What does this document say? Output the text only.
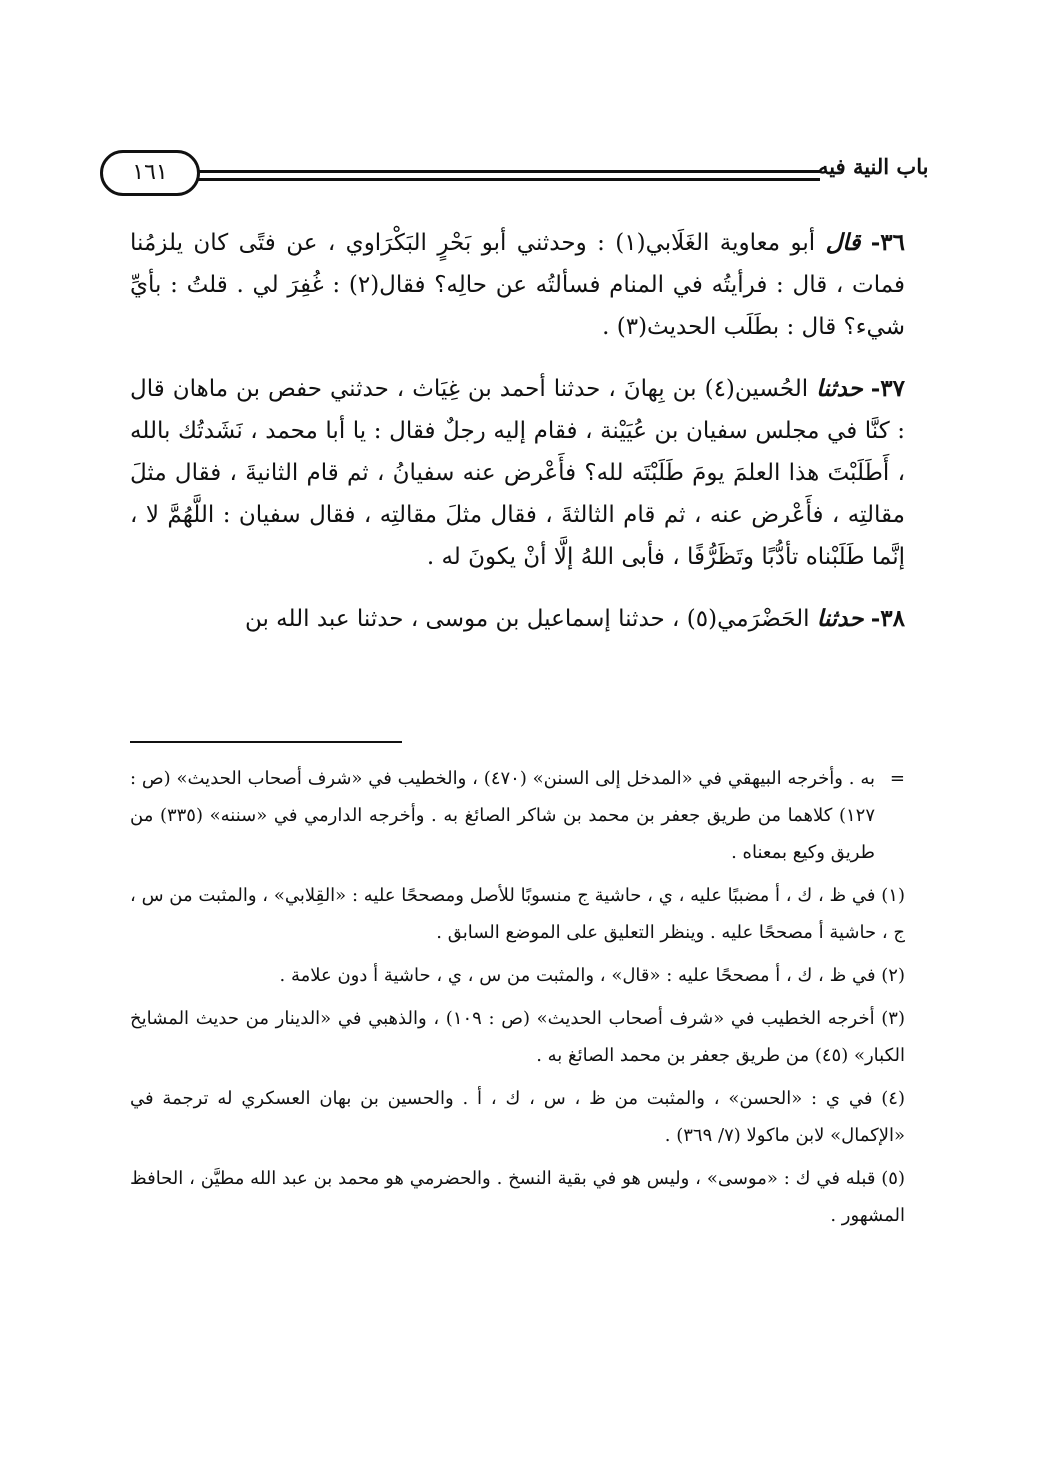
١٦١	باب النية فيه

٣٦- قال أبو معاوية الغَلَابي(١) : وحدثني أبو بَحْرٍ البَكْرَاوي ، عن فتًى كان يلزمُنا فمات ، قال : فرأيتُه في المنام فسألتُه عن حالِه؟ فقال(٢) : غُفِرَ لي . قلتُ : بأيِّ شيء؟ قال : بطَلَب الحديث(٣) .

٣٧- حدثنا الحُسين(٤) بن بِهانَ ، حدثنا أحمد بن غِيَاث ، حدثني حفص بن ماهان قال : كنَّا في مجلس سفيان بن عُيَيْنة ، فقام إليه رجلٌ فقال : يا أبا محمد ، نَشَدتُك بالله ، أَطَلَبْتَ هذا العلمَ يومَ طَلَبْتَه لله؟ فأَعْرض عنه سفيانُ ، ثم قام الثانيةَ ، فقال مثلَ مقالتِه ، فأَعْرض عنه ، ثم قام الثالثةَ ، فقال مثلَ مقالتِه ، فقال سفيان : اللَّهُمَّ لا ، إنَّما طَلَبْناه تأدُّبًا وتَظَرُّفًا ، فأبى اللهُ إلَّا أنْ يكونَ له .

٣٨- حدثنا الحَضْرَمي(٥) ، حدثنا إسماعيل بن موسى ، حدثنا عبد الله بن

=
به . وأخرجه البيهقي في «المدخل إلى السنن» (٤٧٠) ، والخطيب في «شرف أصحاب الحديث» (ص : ١٢٧) كلاهما من طريق جعفر بن محمد بن شاكر الصائغ به . وأخرجه الدارمي في «سننه» (٣٣٥) من طريق وكيع بمعناه .

(١) في ظ ، ك ، أ مضببًا عليه ، ي ، حاشية ج منسوبًا للأصل ومصححًا عليه : «القِلابي» ، والمثبت من س ، ج ، حاشية أ مصححًا عليه . وينظر التعليق على الموضع السابق .

(٢) في ظ ، ك ، أ مصححًا عليه : «قال» ، والمثبت من س ، ي ، حاشية أ دون علامة .

(٣) أخرجه الخطيب في «شرف أصحاب الحديث» (ص : ١٠٩) ، والذهبي في «الدينار من حديث المشايخ الكبار» (٤٥) من طريق جعفر بن محمد الصائغ به .

(٤) في ي : «الحسن» ، والمثبت من ظ ، س ، ك ، أ . والحسين بن بهان العسكري له ترجمة في «الإكمال» لابن ماكولا (٧/ ٣٦٩) .

(٥) قبله في ك : «موسى» ، وليس هو في بقية النسخ . والحضرمي هو محمد بن عبد الله مطيَّن ، الحافظ المشهور .
